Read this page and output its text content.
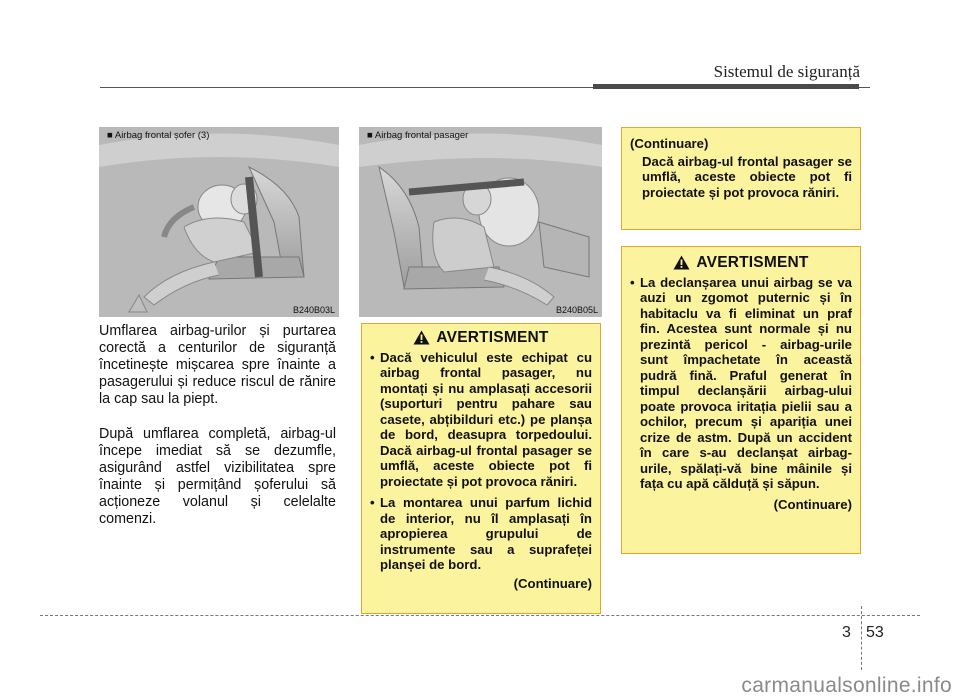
Sistemul de siguranță
■ Airbag frontal șofer (3)
B240B03L
■ Airbag frontal pasager
B240B05L
Umflarea airbag-urilor și purtarea corectă a centurilor de siguranță încetinește mișcarea spre înainte a pasagerului și reduce riscul de rănire la cap sau la piept.
După umflarea completă, airbag-ul începe imediat să se dezumfle, asigurând astfel vizibilitatea spre înainte și permițând șoferului să acționeze volanul și celelalte comenzi.
AVERTISMENT
• Dacă vehiculul este echipat cu airbag frontal pasager, nu montați și nu amplasați accesorii (suporturi pentru pahare sau casete, abțibilduri etc.) pe planșa de bord, deasupra torpedoului. Dacă airbag-ul frontal pasager se umflă, aceste obiecte pot fi proiectate și pot provoca răniri.
• La montarea unui parfum lichid de interior, nu îl amplasați în apropierea grupului de instrumente sau a suprafeței planșei de bord.
(Continuare)
(Continuare)
Dacă airbag-ul frontal pasager se umflă, aceste obiecte pot fi proiectate și pot provoca răniri.
AVERTISMENT
• La declanșarea unui airbag se va auzi un zgomot puternic și în habitaclu va fi eliminat un praf fin. Acestea sunt normale și nu prezintă pericol - airbag-urile sunt împachetate în această pudră fină. Praful generat în timpul declanșării airbag-ului poate provoca iritația pielii sau a ochilor, precum și apariția unei crize de astm. După un accident în care s-au declanșat airbag-urile, spălați-vă bine mâinile și fața cu apă călduță și săpun.
(Continuare)
3 53
carmanualsonline.info
